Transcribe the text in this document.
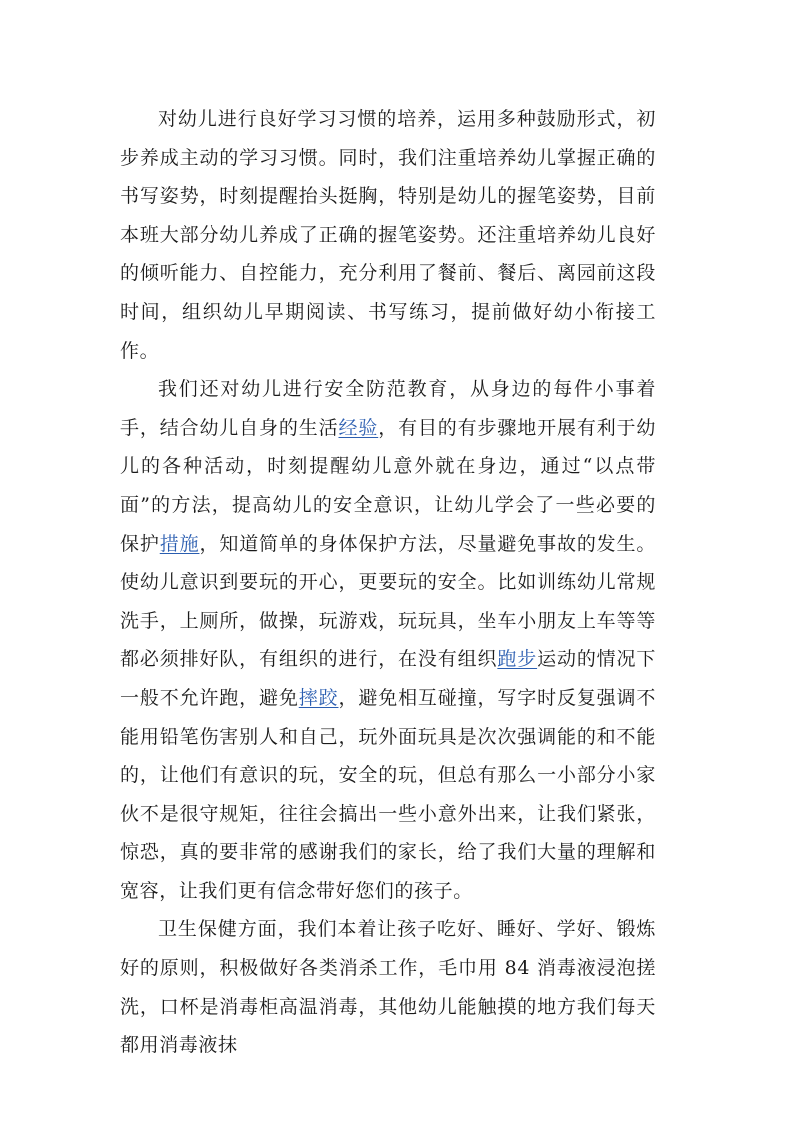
对幼儿进行良好学习习惯的培养，运用多种鼓励形式，初步养成主动的学习习惯。同时，我们注重培养幼儿掌握正确的书写姿势，时刻提醒抬头挺胸，特别是幼儿的握笔姿势，目前本班大部分幼儿养成了正确的握笔姿势。还注重培养幼儿良好的倾听能力、自控能力，充分利用了餐前、餐后、离园前这段时间，组织幼儿早期阅读、书写练习，提前做好幼小衔接工作。

我们还对幼儿进行安全防范教育，从身边的每件小事着手，结合幼儿自身的生活经验，有目的有步骤地开展有利于幼儿的各种活动，时刻提醒幼儿意外就在身边，通过“以点带面”的方法，提高幼儿的安全意识，让幼儿学会了一些必要的保护措施，知道简单的身体保护方法，尽量避免事故的发生。使幼儿意识到要玩的开心，更要玩的安全。比如训练幼儿常规 洗手，上厕所，做操，玩游戏，玩玩具，坐车小朋友上车等等都必须排好队，有组织的进行，在没有组织跑步运动的情况下一般不允许跑，避免摔跤，避免相互碰撞，写字时反复强调不能用铅笔伤害别人和自己，玩外面玩具是次次强调能的和不能的，让他们有意识的玩，安全的玩，但总有那么一小部分小家伙不是很守规矩，往往会搞出一些小意外出来，让我们紧张，惊恐，真的要非常的感谢我们的家长，给了我们大量的理解和宽容，让我们更有信念带好您们的孩子。

卫生保健方面，我们本着让孩子吃好、睡好、学好、锻炼好的原则，积极做好各类消杀工作，毛巾用 84 消毒液浸泡搓洗，口杯是消毒柜高温消毒，其他幼儿能触摸的地方我们每天都用消毒液抹
